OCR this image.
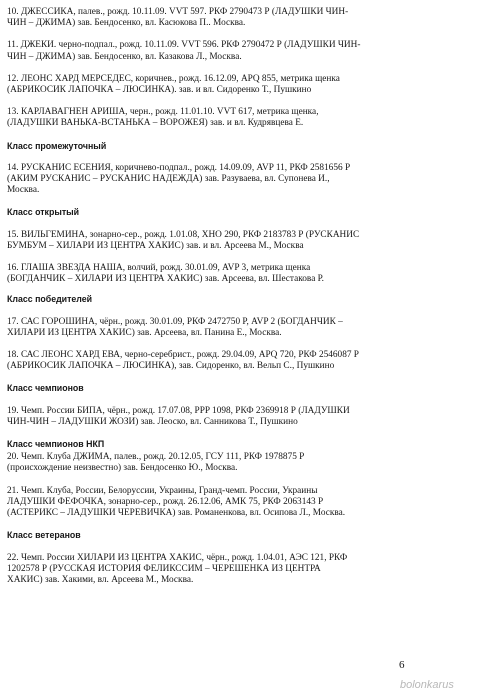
10. ДЖЕССИКА, палев., рожд. 10.11.09. VVT 597. РКФ 2790473 Р (ЛАДУШКИ ЧИН-
ЧИН – ДЖИМА) зав. Бендосенко, вл. Касюкова П.. Москва.

11. ДЖЕКИ. черно-подпал., рожд. 10.11.09. VVT 596. РКФ 2790472 Р (ЛАДУШКИ ЧИН-
ЧИН – ДЖИМА) зав. Бендосенко, вл. Казакова Л., Москва.

12. ЛЕОНС ХАРД МЕРСЕДЕС, коричнев., рожд. 16.12.09, APQ 855, метрика щенка
(АБРИКОСИК ЛАПОЧКА – ЛЮСИНКА). зав. и вл. Сидоренко Т., Пушкино

13. КАРЛАВАГНЕН АРИША, черн., рожд. 11.01.10. VVT 617, метрика щенка,
(ЛАДУШКИ ВАНЬКА-ВСТАНЬКА – ВОРОЖЕЯ) зав. и вл. Кудрявцева Е.

Класс промежуточный

14. РУСКАНИС ЕСЕНИЯ, коричнево-подпал., рожд. 14.09.09, AVP 11, РКФ 2581656 Р
(АКИМ РУСКАНИС – РУСКАНИС НАДЕЖДА) зав. Разуваева, вл. Супонева И.,
Москва.

Класс открытый

15. ВИЛЬГЕМИНА, зонарно-сер., рожд. 1.01.08, ХНО 290, РКФ 2183783 Р (РУСКАНИС
БУМБУМ – ХИЛАРИ ИЗ ЦЕНТРА ХАКИС) зав. и вл. Арсеева М., Москва

16. ГЛАША ЗВЕЗДА НАША, волчий, рожд. 30.01.09, AVP 3, метрика щенка
(БОГДАНЧИК – ХИЛАРИ ИЗ ЦЕНТРА ХАКИС) зав. Арсеева, вл. Шестакова Р.

Класс победителей

17. САС ГОРОШИНА, чёрн., рожд. 30.01.09, РКФ 2472750 Р, AVP 2 (БОГДАНЧИК –
ХИЛАРИ ИЗ ЦЕНТРА ХАКИС) зав. Арсеева, вл. Панина Е., Москва.

18. САС ЛЕОНС ХАРД ЕВА, черно-серебрист., рожд. 29.04.09, APQ 720, РКФ 2546087 Р
(АБРИКОСИК ЛАПОЧКА – ЛЮСИНКА), зав. Сидоренко, вл. Вельп С., Пушкино

Класс чемпионов

19. Чемп. России БИПА, чёрн., рожд. 17.07.08, PPP 1098, РКФ 2369918 Р (ЛАДУШКИ
ЧИН-ЧИН – ЛАДУШКИ ЖОЗИ) зав. Леоско, вл. Санникова Т., Пушкино

Класс чемпионов НКП

20. Чемп. Клуба ДЖИМА, палев., рожд. 20.12.05, ГСУ 111, РКФ 1978875 Р
(происхождение неизвестно) зав. Бендосенко Ю., Москва.

21. Чемп. Клуба, России, Белоруссии, Украины, Гранд-чемп. России, Украины
ЛАДУШКИ ФЕФОЧКА, зонарно-сер., рожд. 26.12.06, АМК 75, РКФ 2063143 Р
(АСТЕРИКС – ЛАДУШКИ ЧЕРЕВИЧКА) зав. Романенкова, вл. Осипова Л., Москва.

Класс ветеранов

22. Чемп. России ХИЛАРИ ИЗ ЦЕНТРА ХАКИС, чёрн., рожд. 1.04.01, АЭС 121, РКФ
1202578 Р (РУССКАЯ ИСТОРИЯ ФЕЛИКССИМ – ЧЕРЕШЕНКА ИЗ ЦЕНТРА
ХАКИС) зав. Хакими, вл. Арсеева М., Москва.

6
bolonkarus
